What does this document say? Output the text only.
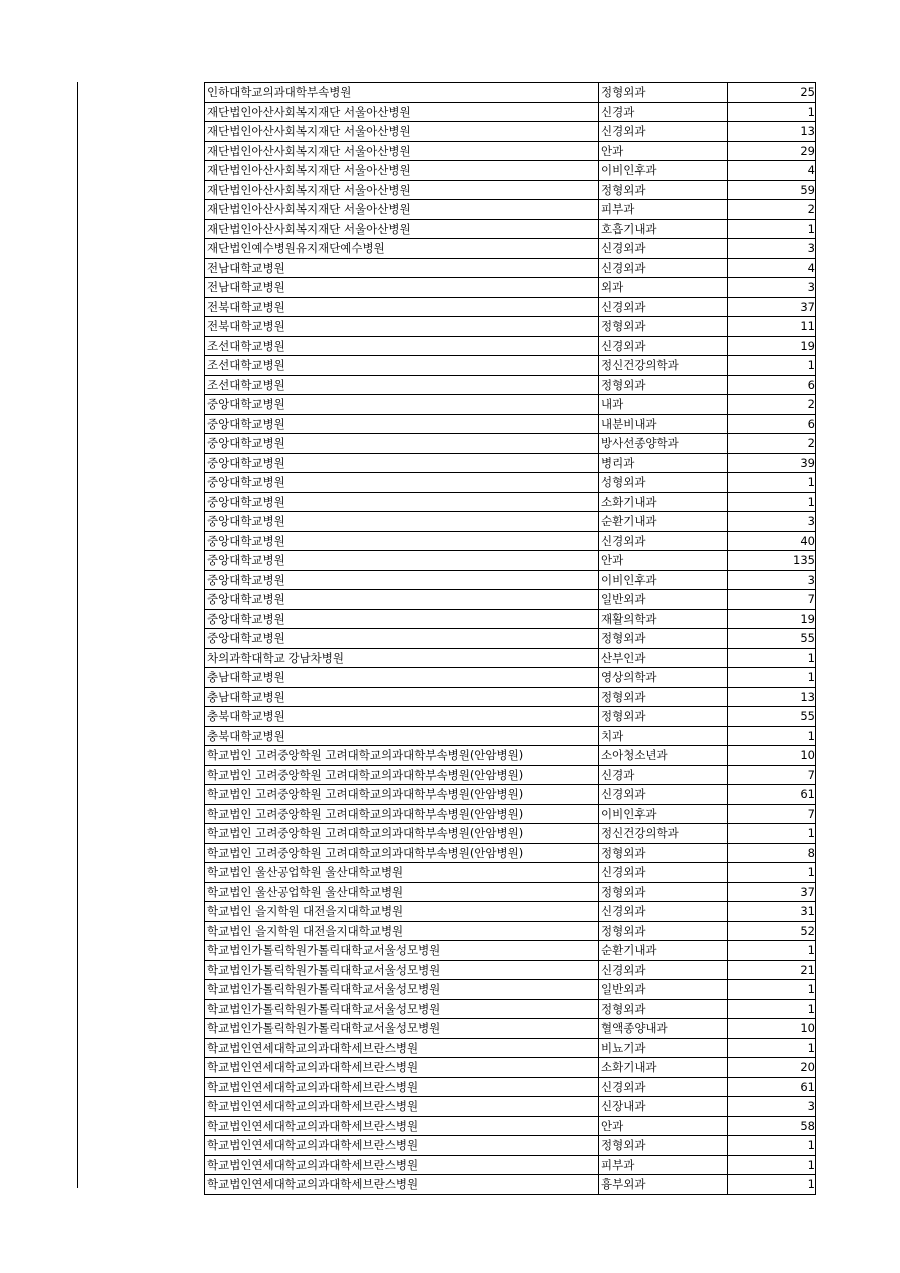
인하대학교의과대학부속병원	정형외과	25
재단법인아산사회복지재단 서울아산병원	신경과	1
재단법인아산사회복지재단 서울아산병원	신경외과	13
재단법인아산사회복지재단 서울아산병원	안과	29
재단법인아산사회복지재단 서울아산병원	이비인후과	4
재단법인아산사회복지재단 서울아산병원	정형외과	59
재단법인아산사회복지재단 서울아산병원	피부과	2
재단법인아산사회복지재단 서울아산병원	호흡기내과	1
재단법인예수병원유지재단예수병원	신경외과	3
전남대학교병원	신경외과	4
전남대학교병원	외과	3
전북대학교병원	신경외과	37
전북대학교병원	정형외과	11
조선대학교병원	신경외과	19
조선대학교병원	정신건강의학과	1
조선대학교병원	정형외과	6
중앙대학교병원	내과	2
중앙대학교병원	내분비내과	6
중앙대학교병원	방사선종양학과	2
중앙대학교병원	병리과	39
중앙대학교병원	성형외과	1
중앙대학교병원	소화기내과	1
중앙대학교병원	순환기내과	3
중앙대학교병원	신경외과	40
중앙대학교병원	안과	135
중앙대학교병원	이비인후과	3
중앙대학교병원	일반외과	7
중앙대학교병원	재활의학과	19
중앙대학교병원	정형외과	55
차의과학대학교 강남차병원	산부인과	1
충남대학교병원	영상의학과	1
충남대학교병원	정형외과	13
충북대학교병원	정형외과	55
충북대학교병원	치과	1
학교법인 고려중앙학원 고려대학교의과대학부속병원(안암병원)	소아청소년과	10
학교법인 고려중앙학원 고려대학교의과대학부속병원(안암병원)	신경과	7
학교법인 고려중앙학원 고려대학교의과대학부속병원(안암병원)	신경외과	61
학교법인 고려중앙학원 고려대학교의과대학부속병원(안암병원)	이비인후과	7
학교법인 고려중앙학원 고려대학교의과대학부속병원(안암병원)	정신건강의학과	1
학교법인 고려중앙학원 고려대학교의과대학부속병원(안암병원)	정형외과	8
학교법인 울산공업학원 울산대학교병원	신경외과	1
학교법인 울산공업학원 울산대학교병원	정형외과	37
학교법인 을지학원 대전을지대학교병원	신경외과	31
학교법인 을지학원 대전을지대학교병원	정형외과	52
학교법인가톨릭학원가톨릭대학교서울성모병원	순환기내과	1
학교법인가톨릭학원가톨릭대학교서울성모병원	신경외과	21
학교법인가톨릭학원가톨릭대학교서울성모병원	일반외과	1
학교법인가톨릭학원가톨릭대학교서울성모병원	정형외과	1
학교법인가톨릭학원가톨릭대학교서울성모병원	혈액종양내과	10
학교법인연세대학교의과대학세브란스병원	비뇨기과	1
학교법인연세대학교의과대학세브란스병원	소화기내과	20
학교법인연세대학교의과대학세브란스병원	신경외과	61
학교법인연세대학교의과대학세브란스병원	신장내과	3
학교법인연세대학교의과대학세브란스병원	안과	58
학교법인연세대학교의과대학세브란스병원	정형외과	1
학교법인연세대학교의과대학세브란스병원	피부과	1
학교법인연세대학교의과대학세브란스병원	흉부외과	1
